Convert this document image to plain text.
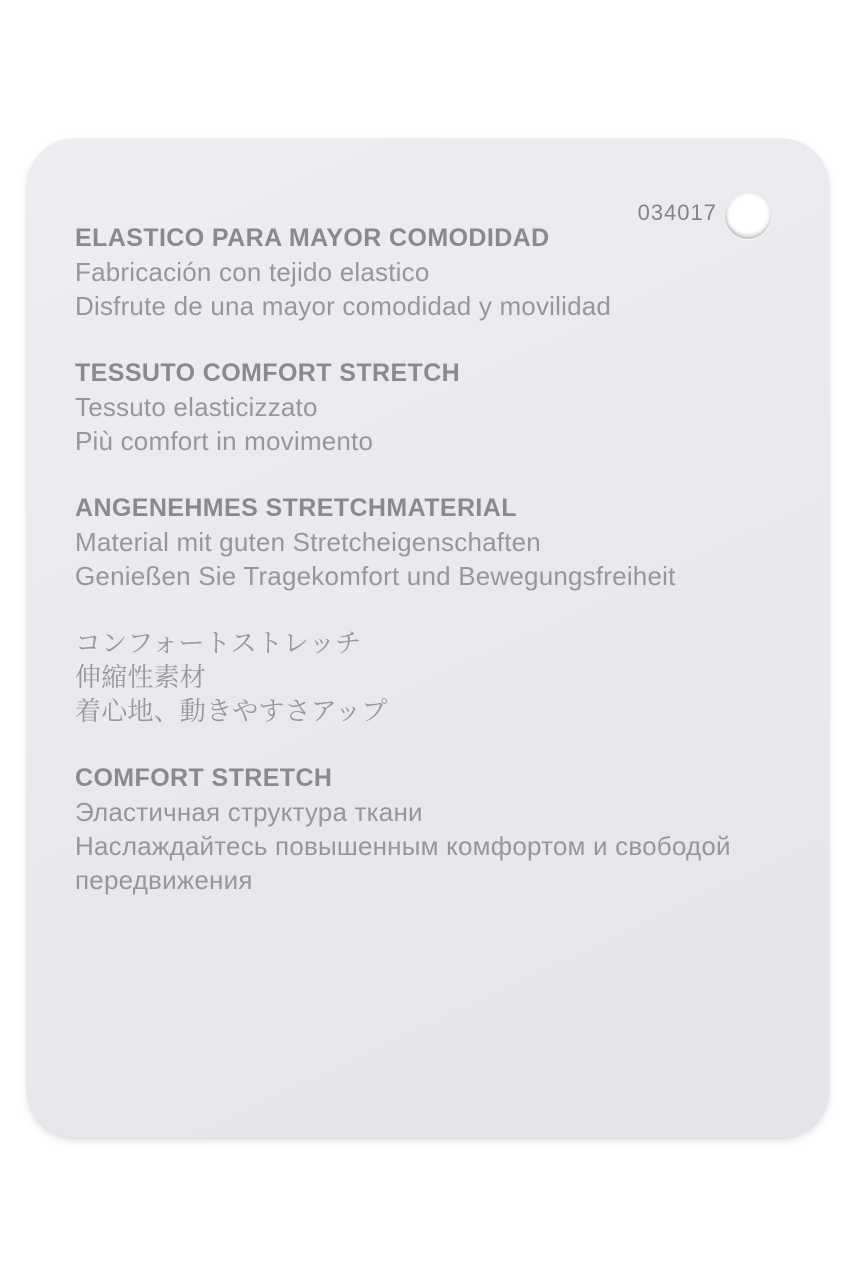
034017
ELASTICO PARA MAYOR COMODIDAD

Fabricación con tejido elastico

Disfrute de una mayor comodidad y movilidad

TESSUTO COMFORT STRETCH

Tessuto elasticizzato

Più comfort in movimento

ANGENEHMES STRETCHMATERIAL

Material mit guten Stretcheigenschaften

Genießen Sie Tragekomfort und Bewegungsfreiheit

コンフォートストレッチ

伸縮性素材

着心地、動きやすさアップ

COMFORT STRETCH

Эластичная структура ткани

Наслаждайтесь повышенным комфортом и свободой передвижения
